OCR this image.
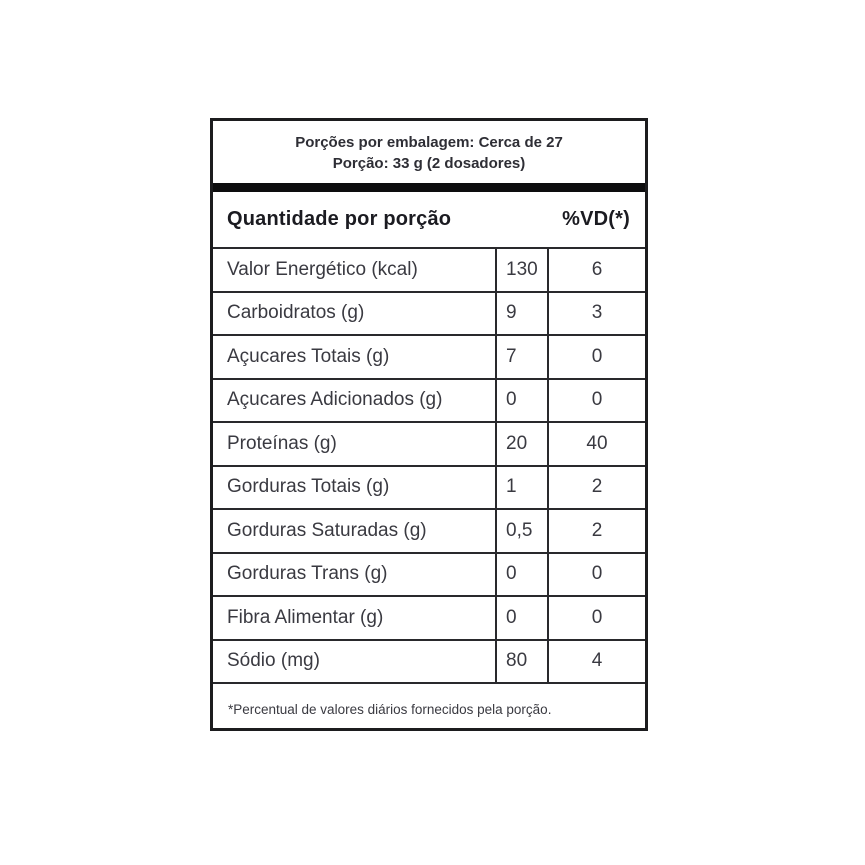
Porções por embalagem: Cerca de 27
Porção: 33 g (2 dosadores)
Quantidade por porção	%VD(*)
Valor Energético (kcal)	130	6
Carboidratos (g)	9	3
Açucares Totais (g)	7	0
Açucares Adicionados (g)	0	0
Proteínas (g)	20	40
Gorduras Totais (g)	1	2
Gorduras Saturadas (g)	0,5	2
Gorduras Trans (g)	0	0
Fibra Alimentar (g)	0	0
Sódio (mg)	80	4
*Percentual de valores diários fornecidos pela porção.
